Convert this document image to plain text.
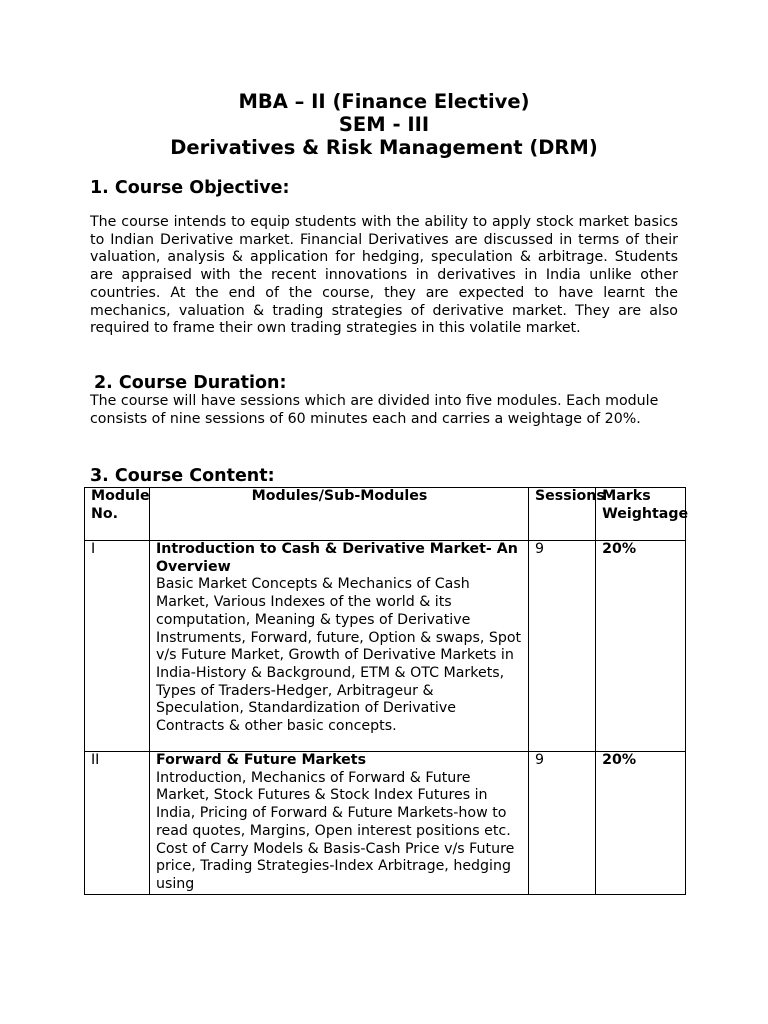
MBA – II (Finance Elective)
SEM - III
Derivatives & Risk Management (DRM)
1. Course Objective:

The course intends to equip students with the ability to apply stock market basics to Indian Derivative market. Financial Derivatives are discussed in terms of their valuation, analysis & application for hedging, speculation & arbitrage. Students are appraised with the recent innovations in derivatives in India unlike other countries. At the end of the course, they are expected to have learnt the mechanics, valuation & trading strategies of derivative market. They are also required to frame their own trading strategies in this volatile market.

2. Course Duration:

The course will have sessions which are divided into five modules. Each module consists of nine sessions of 60 minutes each and carries a weightage of 20%.

3. Course Content:
Module No.	Modules/Sub-Modules	Sessions	Marks Weightage
I	Introduction to Cash & Derivative Market- An Overview
Basic Market Concepts & Mechanics of Cash Market, Various Indexes of the world & its computation, Meaning & types of Derivative Instruments, Forward, future, Option & swaps, Spot v/s Future Market, Growth of Derivative Markets in India-History & Background, ETM & OTC Markets, Types of Traders-Hedger, Arbitrageur & Speculation, Standardization of Derivative Contracts & other basic concepts.	9	20%
II	Forward & Future Markets
Introduction, Mechanics of Forward & Future Market, Stock Futures & Stock Index Futures in India, Pricing of Forward & Future Markets-how to read quotes, Margins, Open interest positions etc. Cost of Carry Models & Basis-Cash Price v/s Future price, Trading Strategies-Index Arbitrage, hedging using	9	20%
